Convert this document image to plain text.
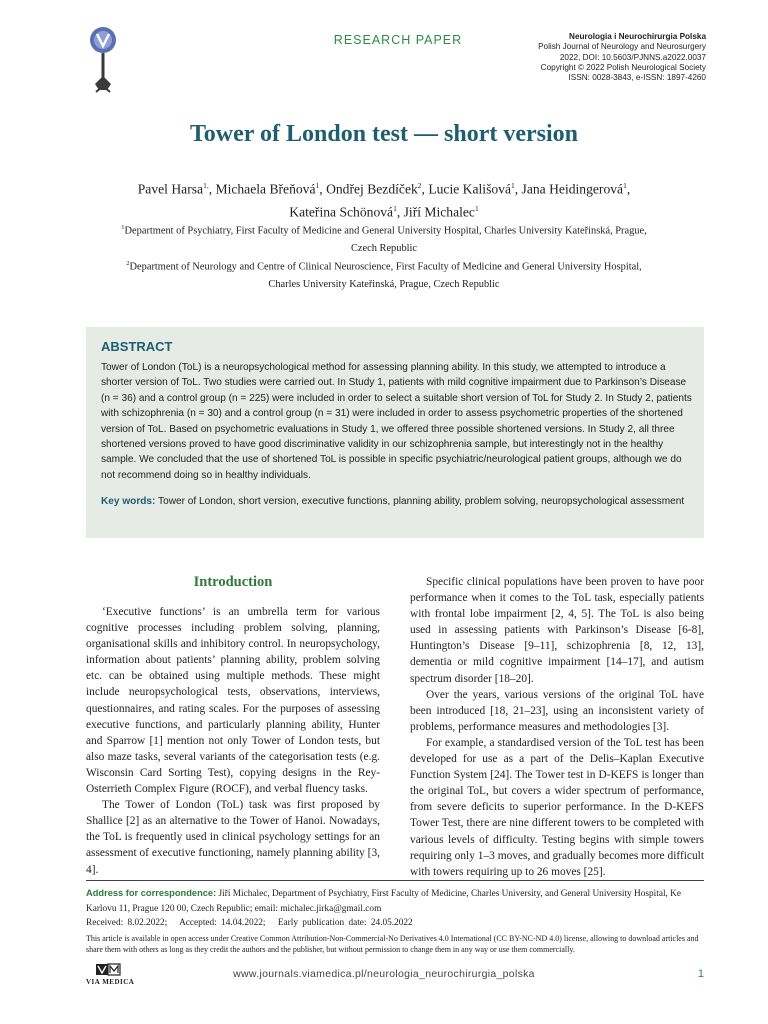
RESEARCH PAPER	Neurologia i Neurochirurgia Polska
Polish Journal of Neurology and Neurosurgery
2022, DOI: 10.5603/PJNNS.a2022.0037
Copyright © 2022 Polish Neurological Society
ISSN: 0028-3843, e-ISSN: 1897-4260
Tower of London test — short version
Pavel Harsa$^{1,}$, Michaela Břeňová$^1$, Ondřej Bezdíček$^2$, Lucie Kališová$^1$, Jana Heidingerová$^1$,
Kateřina Schönová$^1$, Jiří Michalec$^1$
$^1$Department of Psychiatry, First Faculty of Medicine and General University Hospital, Charles University Kateřinská, Prague,
Czech Republic
$^2$Department of Neurology and Centre of Clinical Neuroscience, First Faculty of Medicine and General University Hospital,
Charles University Kateřinská, Prague, Czech Republic
ABSTRACT
Tower of London (ToL) is a neuropsychological method for assessing planning ability. In this study, we attempted to introduce a shorter version of ToL. Two studies were carried out. In Study 1, patients with mild cognitive impairment due to Parkinson’s Disease (n = 36) and a control group (n = 225) were included in order to select a suitable short version of ToL for Study 2. In Study 2, patients with schizophrenia (n = 30) and a control group (n = 31) were included in order to assess psychometric properties of the shortened version of ToL. Based on psychometric evaluations in Study 1, we offered three possible shortened versions. In Study 2, all three shortened versions proved to have good discriminative validity in our schizophrenia sample, but interestingly not in the healthy sample. We concluded that the use of shortened ToL is possible in specific psychiatric/neurological patient groups, although we do not recommend doing so in healthy individuals.
Key words: Tower of London, short version, executive functions, planning ability, problem solving, neuropsychological assessment
Introduction

‘Executive functions’ is an umbrella term for various cognitive processes including problem solving, planning, organisational skills and inhibitory control. In neuropsychology, information about patients’ planning ability, problem solving etc. can be obtained using multiple methods. These might include neuropsychological tests, observations, interviews, questionnaires, and rating scales. For the purposes of assessing executive functions, and particularly planning ability, Hunter and Sparrow [1] mention not only Tower of London tests, but also maze tasks, several variants of the categorisation tests (e.g. Wisconsin Card Sorting Test), copying designs in the Rey-Osterrieth Complex Figure (ROCF), and verbal fluency tasks.

The Tower of London (ToL) task was first proposed by Shallice [2] as an alternative to the Tower of Hanoi. Nowadays, the ToL is frequently used in clinical psychology settings for an assessment of executive functioning, namely planning ability [3, 4].

Specific clinical populations have been proven to have poor performance when it comes to the ToL task, especially patients with frontal lobe impairment [2, 4, 5]. The ToL is also being used in assessing patients with Parkinson’s Disease [6-8], Huntington’s Disease [9–11], schizophrenia [8, 12, 13], dementia or mild cognitive impairment [14–17], and autism spectrum disorder [18–20].

Over the years, various versions of the original ToL have been introduced [18, 21–23], using an inconsistent variety of problems, performance measures and methodologies [3].

For example, a standardised version of the ToL test has been developed for use as a part of the Delis–Kaplan Executive Function System [24]. The Tower test in D-KEFS is longer than the original ToL, but covers a wider spectrum of performance, from severe deficits to superior performance. In the D-KEFS Tower Test, there are nine different towers to be completed with various levels of difficulty. Testing begins with simple towers requiring only 1–3 moves, and gradually becomes more difficult with towers requiring up to 26 moves [25].

Address for correspondence: Jiří Michalec, Department of Psychiatry, First Faculty of Medicine, Charles University, and General University Hospital, Ke Karlovu 11, Prague 120 00, Czech Republic; email: michalec.jirka@gmail.com
Received: 8.02.2022; Accepted: 14.04.2022; Early publication date: 24.05.2022
This article is available in open access under Creative Common Attribution-Non-Commercial-No Derivatives 4.0 International (CC BY-NC-ND 4.0) license, allowing to download articles and share them with others as long as they credit the authors and the publisher, but without permission to change them in any way or use them commercially.
VIA MEDICA
www.journals.viamedica.pl/neurologia_neurochirurgia_polska	1
